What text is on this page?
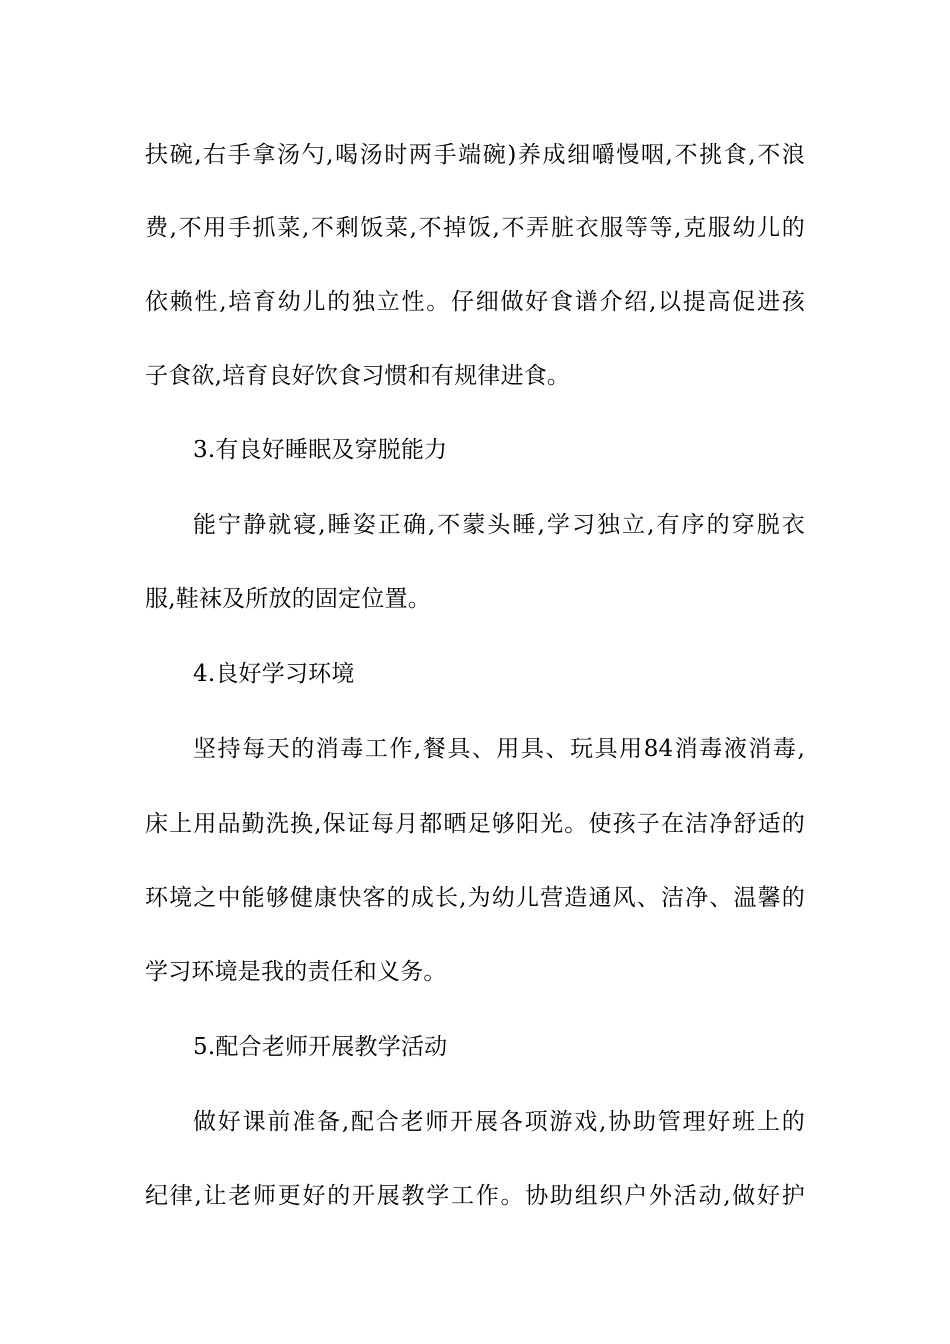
扶碗,右手拿汤勺,喝汤时两手端碗)养成细嚼慢咽,不挑食,不浪
费,不用手抓菜,不剩饭菜,不掉饭,不弄脏衣服等等,克服幼儿的
依赖性,培育幼儿的独立性。仔细做好食谱介绍,以提高促进孩
子食欲,培育良好饮食习惯和有规律进食。
3.有良好睡眠及穿脱能力
能宁静就寝,睡姿正确,不蒙头睡,学习独立,有序的穿脱衣
服,鞋袜及所放的固定位置。
4.良好学习环境
坚持每天的消毒工作,餐具、用具、玩具用84消毒液消毒,
床上用品勤洗换,保证每月都晒足够阳光。使孩子在洁净舒适的
环境之中能够健康快客的成长,为幼儿营造通风、洁净、温馨的
学习环境是我的责任和义务。
5.配合老师开展教学活动
做好课前准备,配合老师开展各项游戏,协助管理好班上的
纪律,让老师更好的开展教学工作。协助组织户外活动,做好护
